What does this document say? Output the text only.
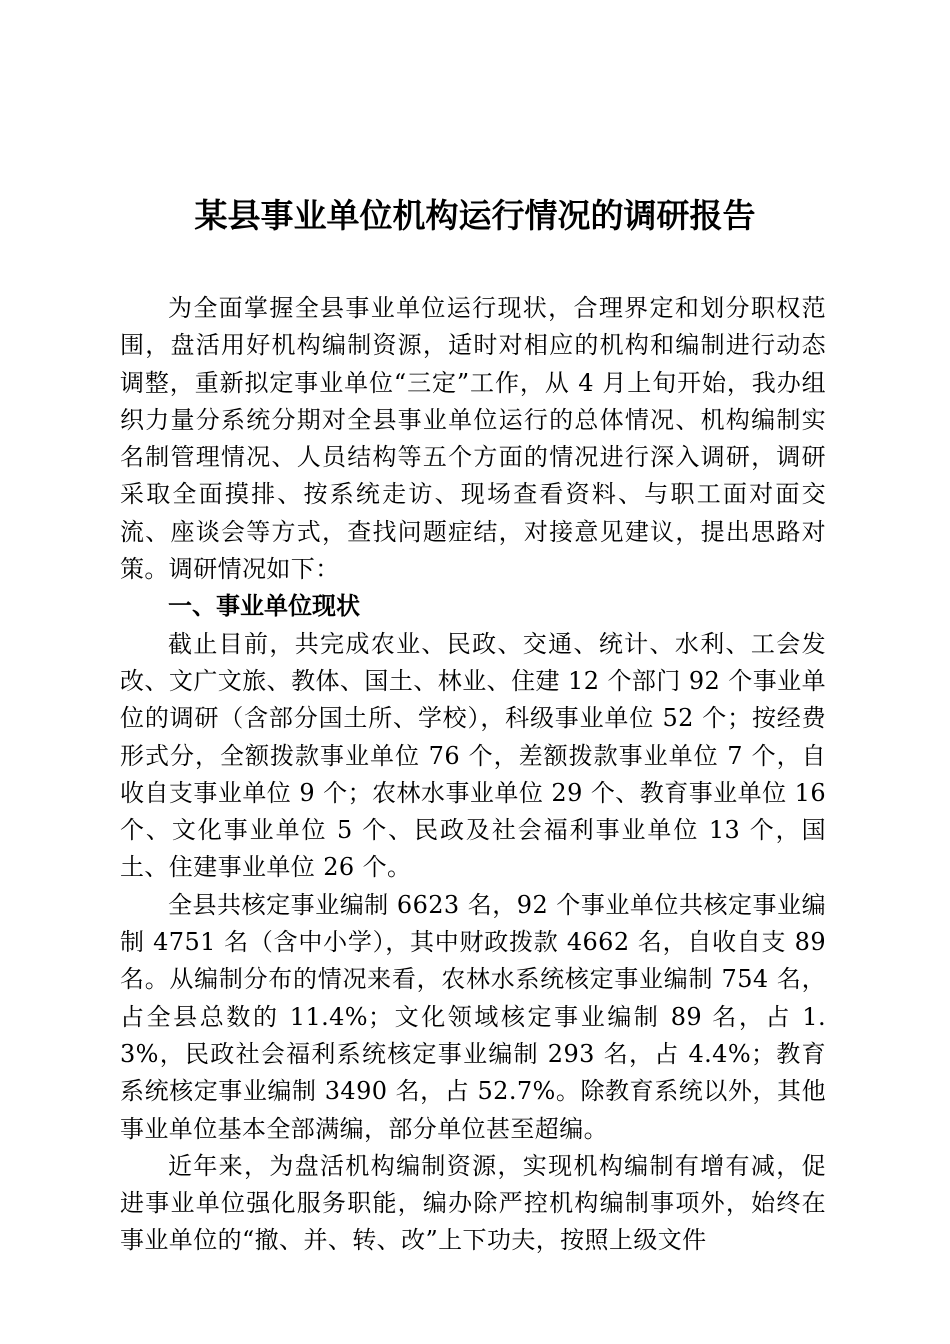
某县事业单位机构运行情况的调研报告

为全面掌握全县事业单位运行现状，合理界定和划分职权范围，盘活用好机构编制资源，适时对相应的机构和编制进行动态调整，重新拟定事业单位“三定”工作，从 4 月上旬开始，我办组织力量分系统分期对全县事业单位运行的总体情况、机构编制实名制管理情况、人员结构等五个方面的情况进行深入调研，调研采取全面摸排、按系统走访、现场查看资料、与职工面对面交流、座谈会等方式，查找问题症结，对接意见建议，提出思路对策。调研情况如下：

一、事业单位现状

截止目前，共完成农业、民政、交通、统计、水利、工会发改、文广文旅、教体、国土、林业、住建 12 个部门 92 个事业单位的调研（含部分国土所、学校），科级事业单位 52 个；按经费形式分，全额拨款事业单位 76 个，差额拨款事业单位 7 个，自收自支事业单位 9 个；农林水事业单位 29 个、教育事业单位 16 个、文化事业单位 5 个、民政及社会福利事业单位 13 个，国土、住建事业单位 26 个。

全县共核定事业编制 6623 名，92 个事业单位共核定事业编制 4751 名（含中小学），其中财政拨款 4662 名，自收自支 89 名。从编制分布的情况来看，农林水系统核定事业编制 754 名，占全县总数的 11.4%；文化领域核定事业编制 89 名，占 1.3%，民政社会福利系统核定事业编制 293 名，占 4.4%；教育系统核定事业编制 3490 名，占 52.7%。除教育系统以外，其他事业单位基本全部满编，部分单位甚至超编。

近年来，为盘活机构编制资源，实现机构编制有增有减，促进事业单位强化服务职能，编办除严控机构编制事项外，始终在事业单位的“撤、并、转、改”上下功夫，按照上级文件
